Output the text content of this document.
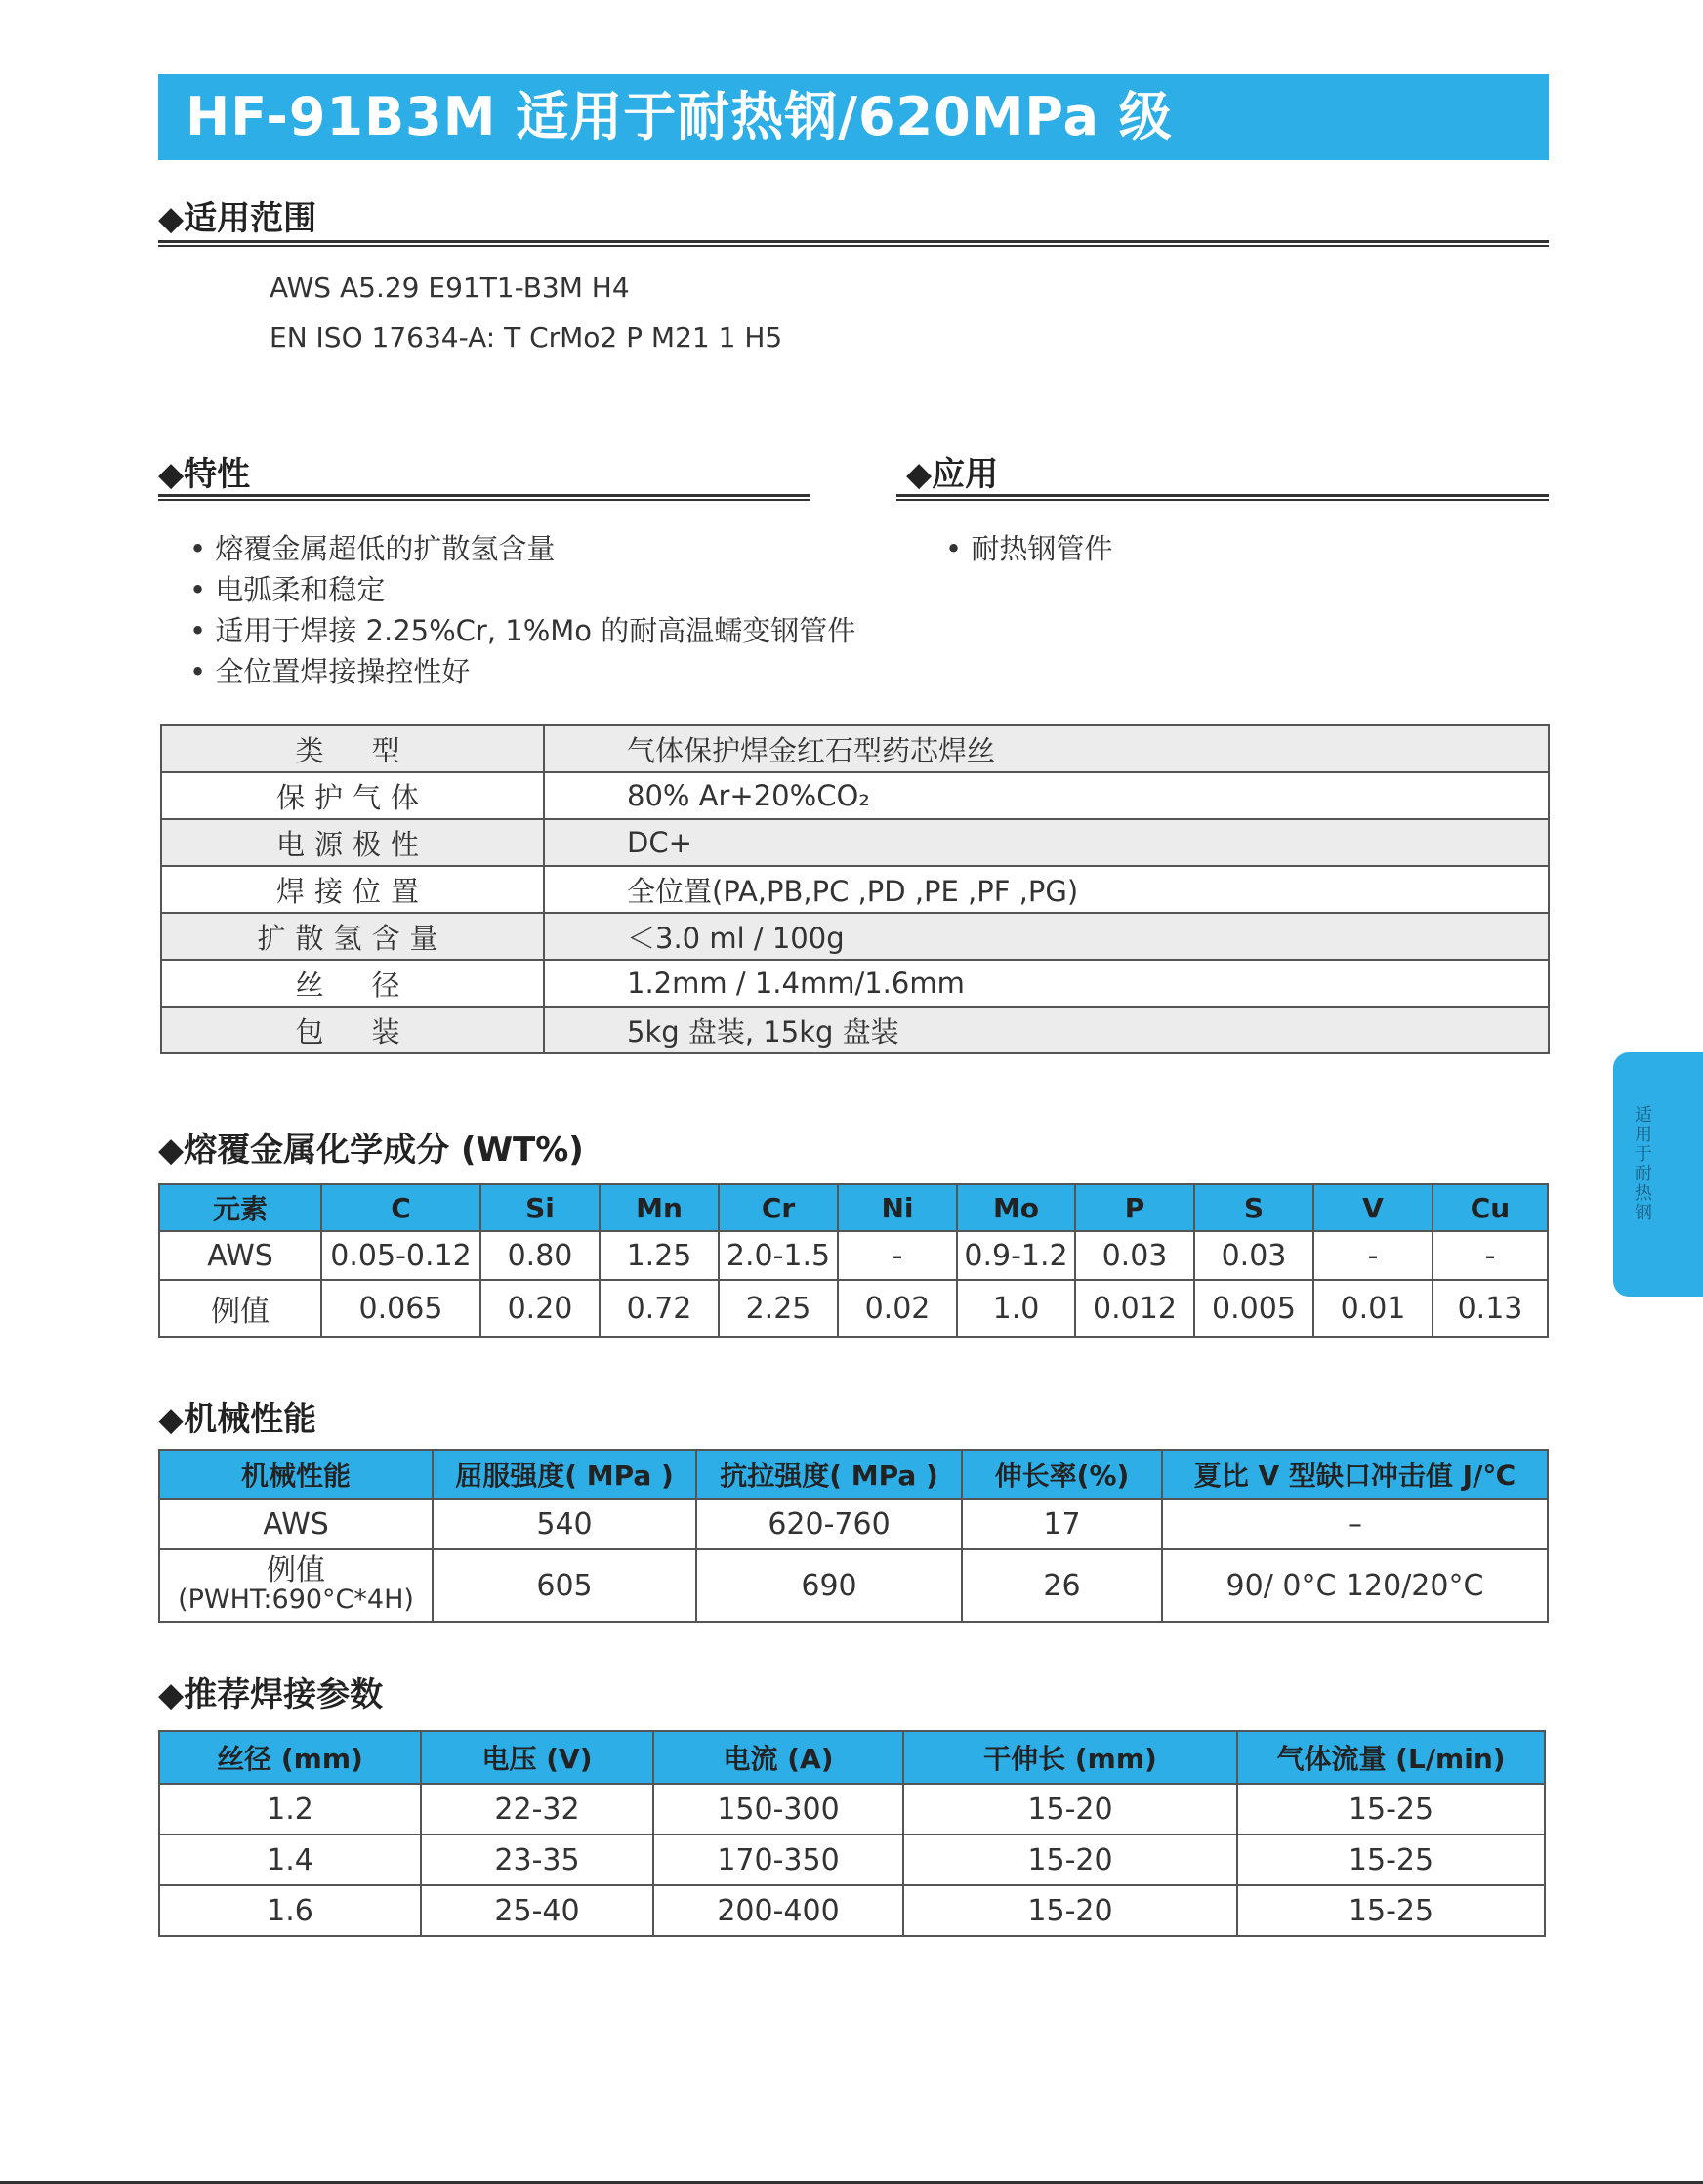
HF-91B3M 适用于耐热钢/620MPa 级
◆适用范围
AWS A5.29 E91T1-B3M H4
EN ISO 17634-A: T CrMo2 P M21 1 H5
◆特性
• 熔覆金属超低的扩散氢含量
• 电弧柔和稳定
• 适用于焊接 2.25%Cr, 1%Mo 的耐高温蠕变钢管件
• 全位置焊接操控性好
◆应用
• 耐热钢管件
类　型	气体保护焊金红石型药芯焊丝
保护气体	80% Ar+20%CO₂
电源极性	DC+
焊接位置	全位置(PA,PB,PC ,PD ,PE ,PF ,PG)
扩散氢含量	＜3.0 ml / 100g
丝　径	1.2mm / 1.4mm/1.6mm
包　装	5kg 盘装, 15kg 盘装
◆熔覆金属化学成分 (WT%)
元素	C	Si	Mn	Cr	Ni	Mo	P	S	V	Cu
AWS	0.05-0.12	0.80	1.25	2.0-1.5	-	0.9-1.2	0.03	0.03	-	-
例值	0.065	0.20	0.72	2.25	0.02	1.0	0.012	0.005	0.01	0.13
◆机械性能
机械性能	屈服强度( MPa )	抗拉强度( MPa )	伸长率(%)	夏比 V 型缺口冲击值 J/℃
AWS	540	620-760	17	–

例值
(PWHT:690°C*4H)	605	690	26	90/ 0°C 120/20°C
◆推荐焊接参数
丝径 (mm)	电压 (V)	电流 (A)	干伸长 (mm)	气体流量 (L/min)
1.2	22-32	150-300	15-20	15-25
1.4	23-35	170-350	15-20	15-25
1.6	25-40	200-400	15-20	15-25
适用于耐热钢
